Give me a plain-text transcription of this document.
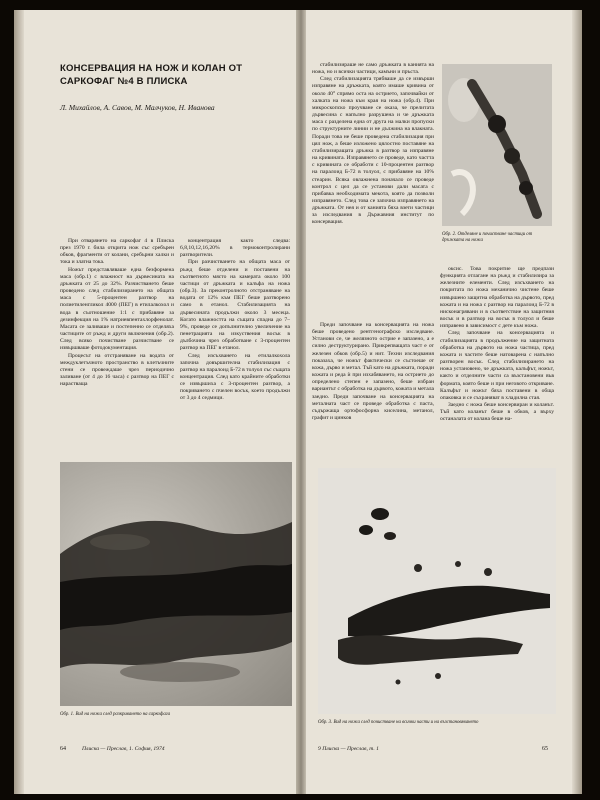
КОНСЕРВАЦИЯ НА НОЖ И КОЛАН ОТ САРКОФАГ №4 В ПЛИСКА

Л. Михайлов, А. Савов, М. Малчуков, Н. Иванова

При отварянето на саркофаг 4 в Плиска през 1970 г. била открита нож със сребърен обков, фрагменти от колани, сребърни халки и тока и златна тока.

Ножът представляваше една безформена маса (обр.1) с влажност на дървесината на дръжката от 25 до 32%. Разчистването беше проведено след стабилизирането на общата маса с 5-процентен разтвор на полиетиленгликол 4000 (ПЕГ) в етилалкохол и вода в съотношение 1:1 с прибавяне за дезинфекция на 1% натриевпентахлорфенолат. Масата се заливаше и постепенно се отделяха частиците от ръжд и други включения (обр.2). След всяко почистване разчистване се извършваше фотодокументация.

Процесът на отстраняване на водата от междуклетъчното пространство в клетъчните стени се провеждаше чрез периодично заливане (от 4 до 16 часа) с разтвор на ПЕГ с нарастваща

концентрация както следва: 6,8,10,12,16,20% в термоконтролирани разтворители.

При разчистването на общата маса от ръжд беше отделени и поставени на съответното място на камерата около 100 частици от дръжката и калъфа на ножа (обр.3). За преконтролното отстраняване на водата от 12% към ПЕГ беше разтворено само в етанол. Стабилизацията на дървесината продължи около 3 месеца. Когато влажността на същата спадна до 7–9%, проведе се допълнително увеличение на пенетрацията на изкуствения восък в дълбочина чрез обработване с 3-процентен разтвор на ПЕГ в етанол.

След изсъхването на етилалкохола започна довършителна стабилизация с разтвор на паралоид Б-72 в толуол със същата концентрация. След като крайните обработки се извършиха с 3-процентен разтвор, а покриването с пчелен восък, което продължи от 3 до 4 седмици.

Обр. 1. Вид на ножа след разкриването на саркофага
64	Плиска — Преслав, 1. София, 1974

стабилизираше не само дръжката в канията на ножа, но и всички частици, камъни и пръста.

След стабилизацията трябваше да се извърши изправяне на дръжката, която имаше кривина от около 40° спрямо оста на острието, започвайки от халката на ножа към края на ножа (обр.4). При микроскопско проучване се оказа, че прелитата дървесина с напълно разрушена и че дръжката маса с разделена една от друга на малки пропуски по структурните линии и не дължина на влакната. Поради това не беше проведена стабилизация при цял нож, а беше изложено цялостно поставяне на стабилизиращата дръжка в разтвор за изправяне на кривината. Изправянето се проведе, като частта с кривината се обработи с 10-процентен разтвор на паралоид Б-72 в толуол, с прибавяне на 10% стеарин. Всяка овлажнена поначало се проведе контрол с цел да се установи дали масата с прибавка необходимата мекота, която да позволи изправянето. След това се започна изправянето на дръжката. От нея и от канията бяха взети частици за изследвания в Държавния институт по консервация.

Обр. 2. Отделяне и почистване частици от дръжката на ножа

Преди започване на консервацията на ножа беше проведено рентгенографско изследване. Установи се, че желязното острие е запазено, а е силно деструктурирано. Прикрепващата част е от железен обков (обр.5) и нит. Техни изследвания показаха, че ножът фактически се състоеше от кожа, дърво и метал. Тъй като на дръжката, поради кожата и реда ѝ при изхабяването, на острието до определено степен е запазено, беше избран вариантът с обработка на дървото, кожата и метала заедно. Преди започване на консервацията на металната част се проведе обработка с паста, съдържаща ортофосфорна киселина, метанол, графит и цинков

оксис. Това покритие ще предпази функцията отлагане на ръжд и стабилизира за железните елементи. След изсъхването на покритата по ножа механично чистене беше извършено защитна обработка на дървото, пред кожата и на ножа с разтвор на паралоид Б-72 в нисконагрявани и в съответствие на защитния восък и в разтвор на восък в толуол и беше изправено в зависимост с дете към ножа.

След започване на консервацията и стабилизацията в продължение на защитната обработка на дървото на ножа частица, пред кожата и частите беше натоварена с напълно разтворен восък. След стабилизирането на ножа установено, че дръжката, калъфът, ножът, както и отделните части са възстановени във формата, която беше и при неговото откриване. Калъфът и ножът бяха поставени в обща опаковка и се съхраняват в хладилна стая.

Заедно с ножа беше консервиран и коланът. Тъй като коланът беше в обков, а върху останалата от колана беше на-

Обр. 3. Вид на ножа след почистване на всички части и на възстановяването
9 Плиска — Преслав, т. 1	65
